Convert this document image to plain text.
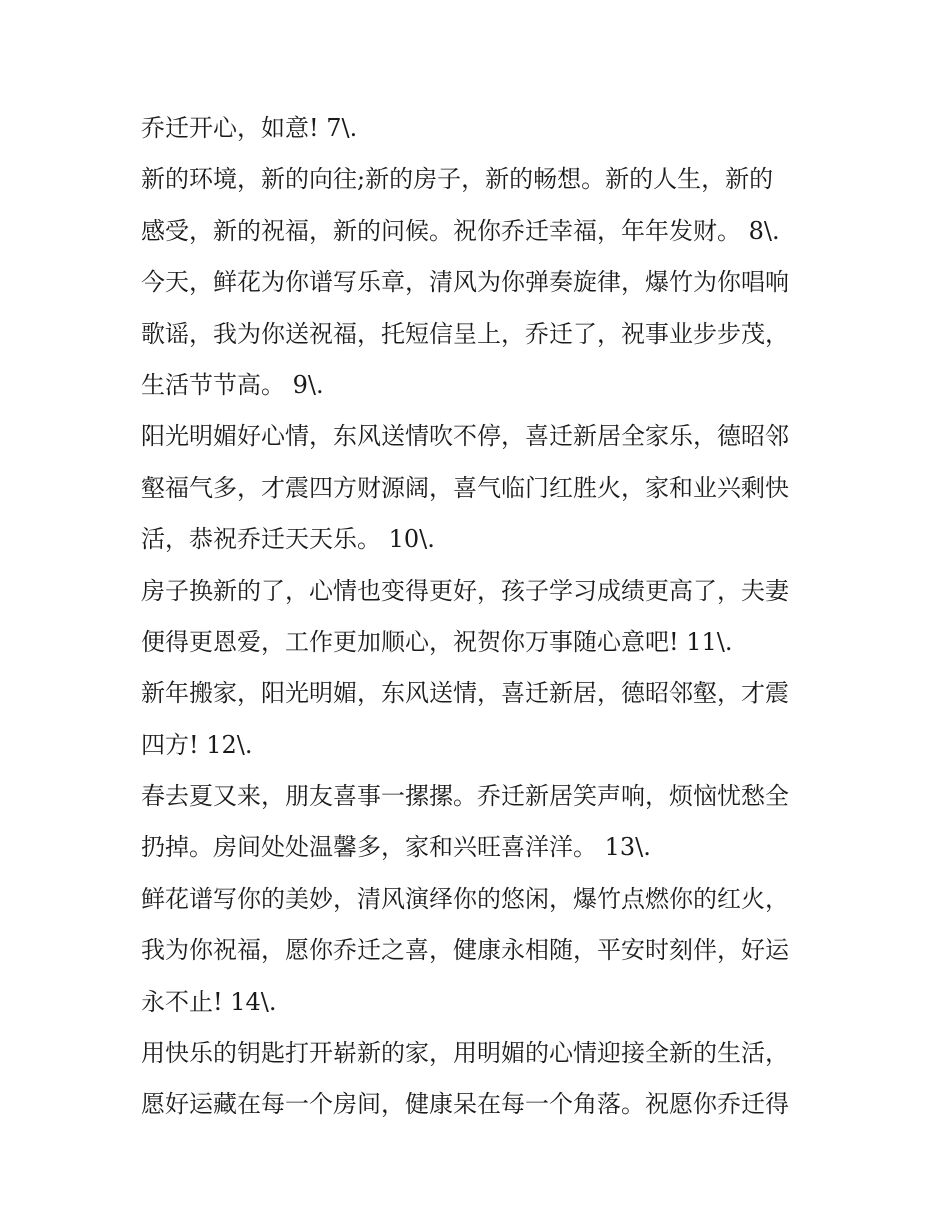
乔迁开心，如意! 7\.
新的环境，新的向往;新的房子，新的畅想。新的人生，新的
感受，新的祝福，新的问候。祝你乔迁幸福，年年发财。 8\.
今天，鲜花为你谱写乐章，清风为你弹奏旋律，爆竹为你唱响
歌谣，我为你送祝福，托短信呈上，乔迁了，祝事业步步茂，
生活节节高。 9\.
阳光明媚好心情，东风送情吹不停，喜迁新居全家乐，德昭邻
壑福气多，才震四方财源阔，喜气临门红胜火，家和业兴剩快
活，恭祝乔迁天天乐。 10\.
房子换新的了，心情也变得更好，孩子学习成绩更高了，夫妻
便得更恩爱，工作更加顺心，祝贺你万事随心意吧! 11\.
新年搬家，阳光明媚，东风送情，喜迁新居，德昭邻壑，才震
四方! 12\.
春去夏又来，朋友喜事一摞摞。乔迁新居笑声响，烦恼忧愁全
扔掉。房间处处温馨多，家和兴旺喜洋洋。 13\.
鲜花谱写你的美妙，清风演绎你的悠闲，爆竹点燃你的红火，
我为你祝福，愿你乔迁之喜，健康永相随，平安时刻伴，好运
永不止! 14\.
用快乐的钥匙打开崭新的家，用明媚的心情迎接全新的生活，
愿好运藏在每一个房间，健康呆在每一个角落。祝愿你乔迁得
